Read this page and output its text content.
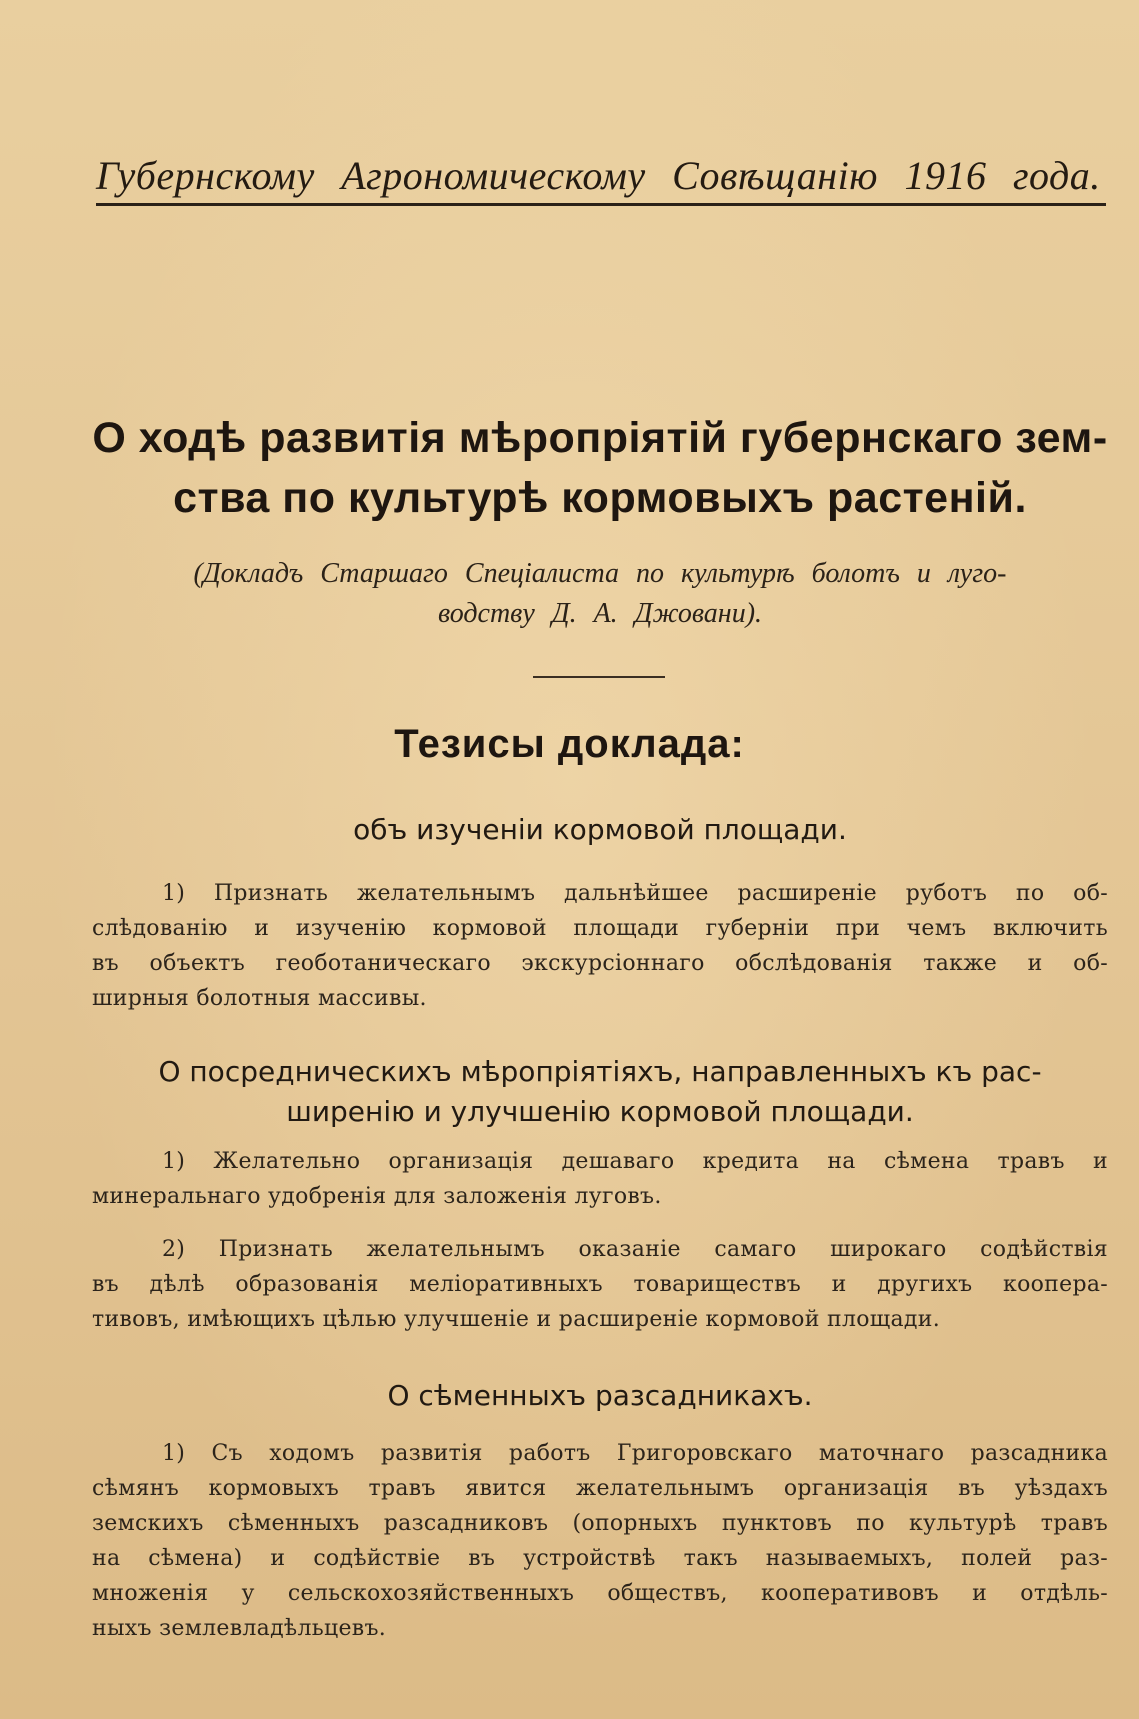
Губернскому Агрономическому Совѣщанію 1916 года.
О ходѣ развитія мѣропріятій губернскаго зем-
ства по культурѣ кормовыхъ растеній.
(Докладъ Старшаго Спеціалиста по культурѣ болотъ и луго-
водству Д. А. Джовани).
Тезисы доклада:
объ изученіи кормовой площади.
1) Признать желательнымъ дальнѣйшее расширеніе руботъ по об-
слѣдованію и изученію кормовой площади губерніи при чемъ включить
въ объектъ геоботаническаго экскурсіоннаго обслѣдованія также и об-
ширныя болотныя массивы.
О посредническихъ мѣропріятіяхъ, направленныхъ къ рас-
ширенію и улучшенію кормовой площади.
1) Желательно организація дешаваго кредита на сѣмена травъ и
минеральнаго удобренія для заложенія луговъ.
2) Признать желательнымъ оказаніе самаго широкаго содѣйствія
въ дѣлѣ образованія меліоративныхъ товариществъ и другихъ коопера-
тивовъ, имѣющихъ цѣлью улучшеніе и расширеніе кормовой площади.
О сѣменныхъ разсадникахъ.
1) Съ ходомъ развитія работъ Григоровскаго маточнаго разсадника
сѣмянъ кормовыхъ травъ явится желательнымъ организація въ уѣздахъ
земскихъ сѣменныхъ разсадниковъ (опорныхъ пунктовъ по культурѣ травъ
на сѣмена) и содѣйствіе въ устройствѣ такъ называемыхъ, полей раз-
множенія у сельскохозяйственныхъ обществъ, кооперативовъ и отдѣль-
ныхъ землевладѣльцевъ.
